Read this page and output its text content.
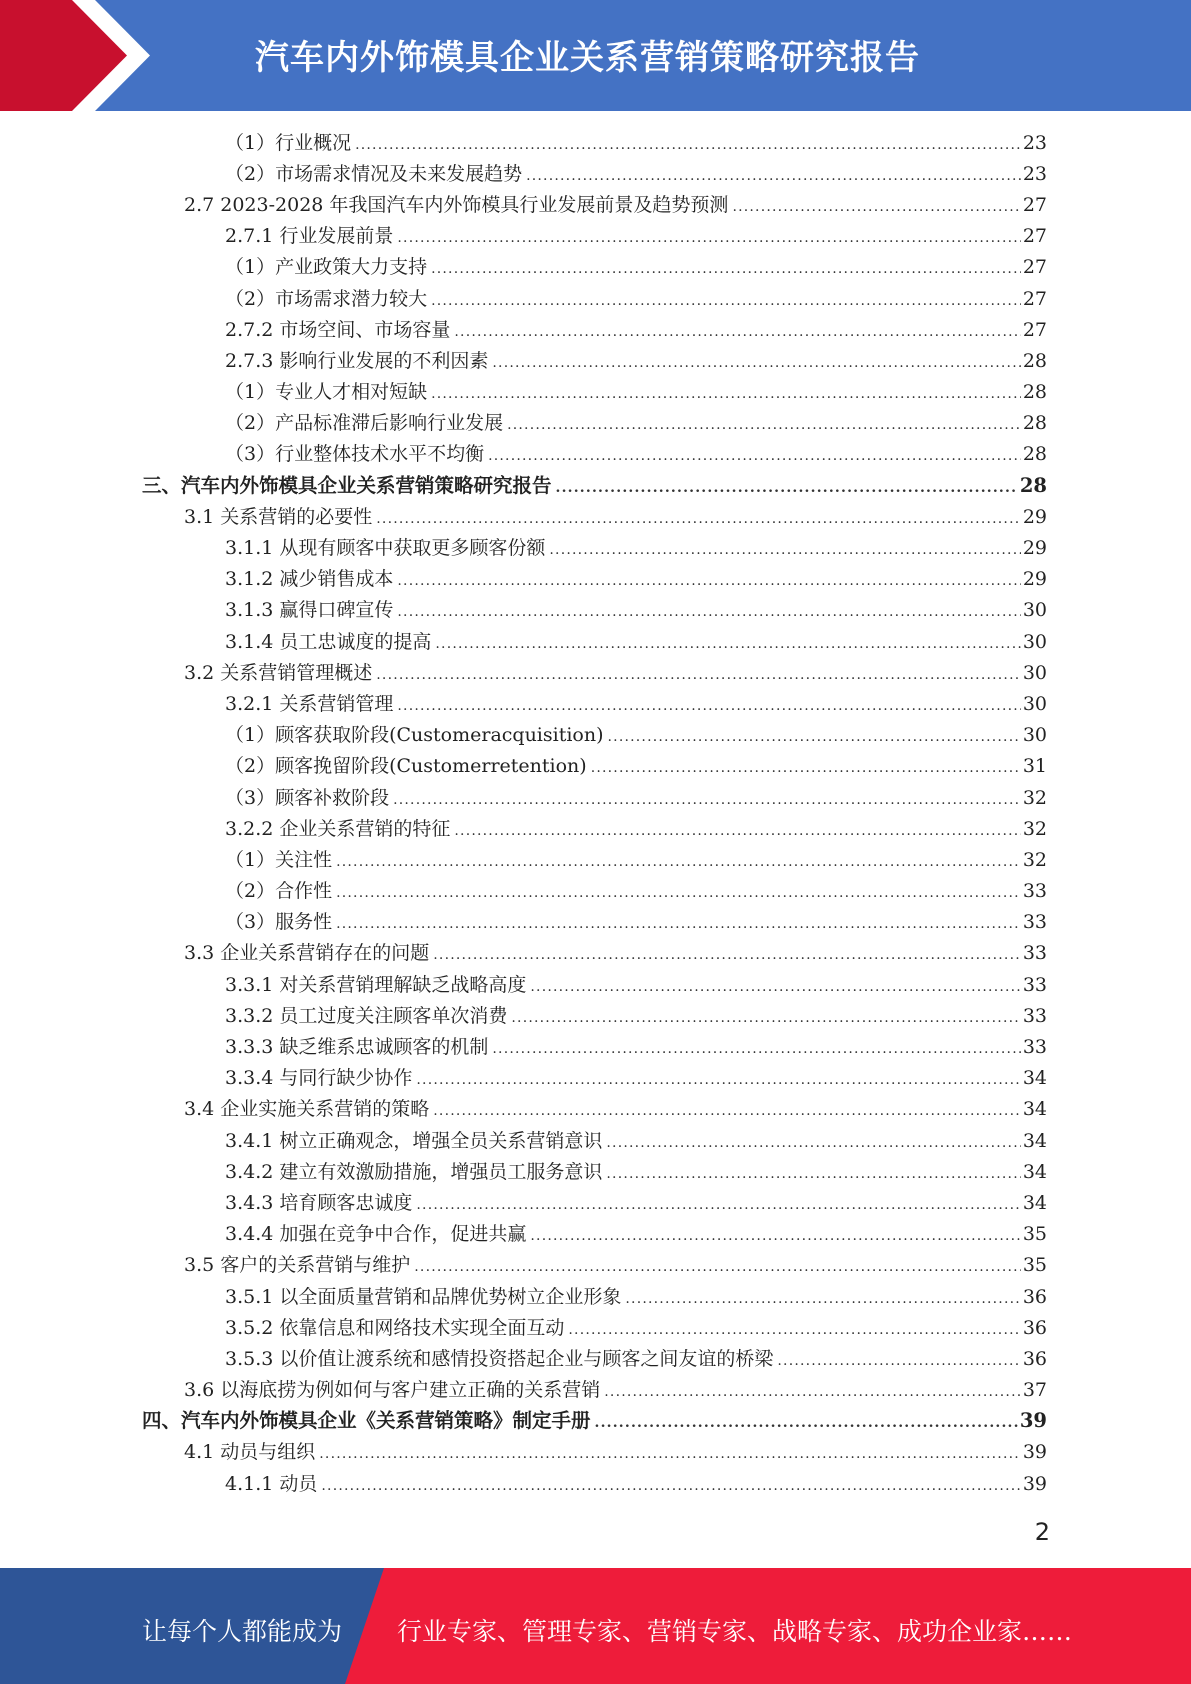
汽车内外饰模具企业关系营销策略研究报告
（1）行业概况 .....	23
（2）市场需求情况及未来发展趋势 .....	23
2.7 2023-2028 年我国汽车内外饰模具行业发展前景及趋势预测 .....	27
2.7.1 行业发展前景 .....	27
（1）产业政策大力支持 .....	27
（2）市场需求潜力较大 .....	27
2.7.2 市场空间、市场容量 .....	27
2.7.3 影响行业发展的不利因素 .....	28
（1）专业人才相对短缺 .....	28
（2）产品标准滞后影响行业发展 .....	28
（3）行业整体技术水平不均衡 .....	28
三、汽车内外饰模具企业关系营销策略研究报告 .....	28
3.1 关系营销的必要性 .....	29
3.1.1 从现有顾客中获取更多顾客份额 .....	29
3.1.2 减少销售成本 .....	29
3.1.3 赢得口碑宣传 .....	30
3.1.4 员工忠诚度的提高 .....	30
3.2 关系营销管理概述 .....	30
3.2.1 关系营销管理 .....	30
（1）顾客获取阶段(Customeracquisition) .....	30
（2）顾客挽留阶段(Customerretention) .....	31
（3）顾客补救阶段 .....	32
3.2.2 企业关系营销的特征 .....	32
（1）关注性 .....	32
（2）合作性 .....	33
（3）服务性 .....	33
3.3 企业关系营销存在的问题 .....	33
3.3.1 对关系营销理解缺乏战略高度 .....	33
3.3.2 员工过度关注顾客单次消费 .....	33
3.3.3 缺乏维系忠诚顾客的机制 .....	33
3.3.4 与同行缺少协作 .....	34
3.4 企业实施关系营销的策略 .....	34
3.4.1 树立正确观念，增强全员关系营销意识 .....	34
3.4.2 建立有效激励措施，增强员工服务意识 .....	34
3.4.3 培育顾客忠诚度 .....	34
3.4.4 加强在竞争中合作，促进共赢 .....	35
3.5 客户的关系营销与维护 .....	35
3.5.1 以全面质量营销和品牌优势树立企业形象 .....	36
3.5.2 依靠信息和网络技术实现全面互动 .....	36
3.5.3 以价值让渡系统和感情投资搭起企业与顾客之间友谊的桥梁 .....	36
3.6 以海底捞为例如何与客户建立正确的关系营销 .....	37
四、汽车内外饰模具企业《关系营销策略》制定手册 .....	39
4.1 动员与组织 .....	39
4.1.1 动员 .....	39
2
让每个人都能成为 行业专家、管理专家、营销专家、战略专家、成功企业家……
